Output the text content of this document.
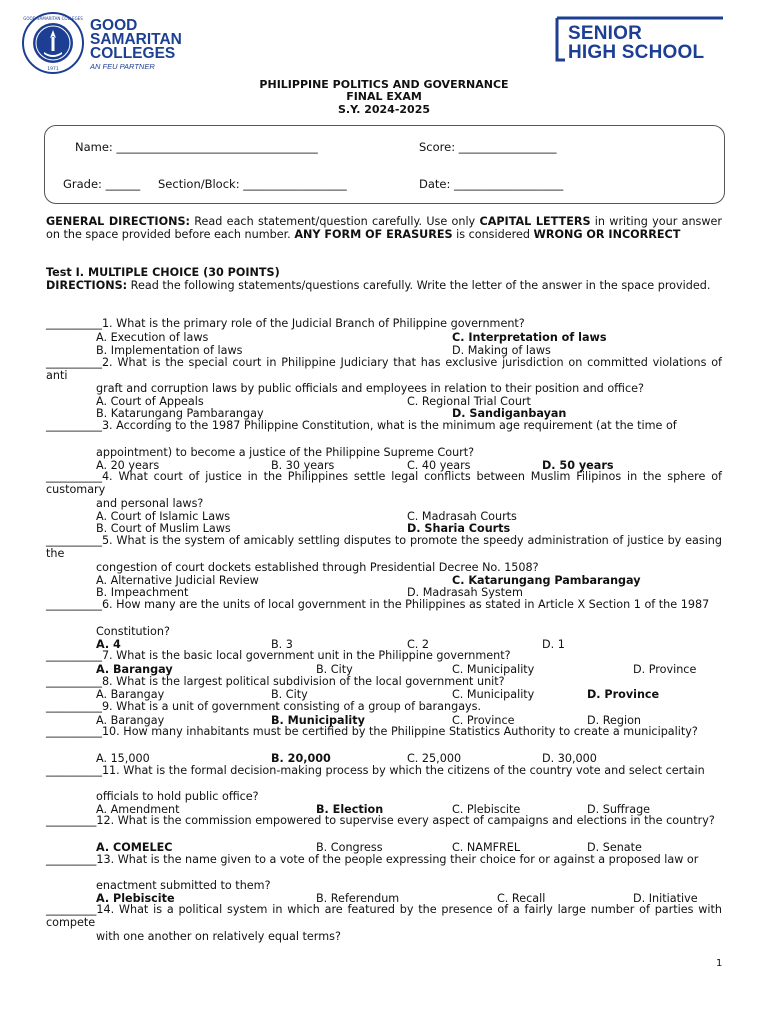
1971
GOOD SAMARITAN COLLEGES GOOD
SAMARITAN
COLLEGES
AN FEU PARTNER
SENIOR
HIGH SCHOOL
PHILIPPINE POLITICS AND GOVERNANCE
FINAL EXAM
S.Y. 2024-2025
Name: ___________________________________	Score: _________________
Grade: ______ Section/Block: __________________	Date: ___________________
GENERAL DIRECTIONS: Read each statement/question carefully. Use only CAPITAL LETTERS in writing your answer on the space provided before each number. ANY FORM OF ERASURES is considered WRONG OR INCORRECT
Test I. MULTIPLE CHOICE (30 POINTS)
DIRECTIONS: Read the following statements/questions carefully. Write the letter of the answer in the space provided.
__________1. What is the primary role of the Judicial Branch of Philippine government?
A. Execution of laws	C. Interpretation of laws
B. Implementation of laws	D. Making of laws
__________2. What is the special court in Philippine Judiciary that has exclusive jurisdiction on committed violations of anti
graft and corruption laws by public officials and employees in relation to their position and office?
A. Court of Appeals	C. Regional Trial Court
B. Katarungang Pambarangay	D. Sandiganbayan
__________3. According to the 1987 Philippine Constitution, what is the minimum age requirement (at the time of
appointment) to become a justice of the Philippine Supreme Court?
A. 20 years	B. 30 years	C. 40 years	D. 50 years
__________4. What court of justice in the Philippines settle legal conflicts between Muslim Filipinos in the sphere of customary
and personal laws?
A. Court of Islamic Laws	C. Madrasah Courts
B. Court of Muslim Laws	D. Sharia Courts
__________5. What is the system of amicably settling disputes to promote the speedy administration of justice by easing the
congestion of court dockets established through Presidential Decree No. 1508?
A. Alternative Judicial Review	C. Katarungang Pambarangay
B. Impeachment	D. Madrasah System
__________6. How many are the units of local government in the Philippines as stated in Article X Section 1 of the 1987
Constitution?
A. 4	B. 3	C. 2	D. 1
__________7. What is the basic local government unit in the Philippine government?
A. Barangay	B. City	C. Municipality	D. Province
__________8. What is the largest political subdivision of the local government unit?
A. Barangay	B. City	C. Municipality	D. Province
__________9. What is a unit of government consisting of a group of barangays.
A. Barangay	B. Municipality	C. Province	D. Region
__________10. How many inhabitants must be certified by the Philippine Statistics Authority to create a municipality?
A. 15,000	B. 20,000	C. 25,000	D. 30,000
__________11. What is the formal decision-making process by which the citizens of the country vote and select certain
officials to hold public office?
A. Amendment	B. Election	C. Plebiscite	D. Suffrage
_________12. What is the commission empowered to supervise every aspect of campaigns and elections in the country?
A. COMELEC	B. Congress	C. NAMFREL	D. Senate
_________13. What is the name given to a vote of the people expressing their choice for or against a proposed law or
enactment submitted to them?
A. Plebiscite	B. Referendum	C. Recall	D. Initiative
_________14. What is a political system in which are featured by the presence of a fairly large number of parties with compete
with one another on relatively equal terms?
1
